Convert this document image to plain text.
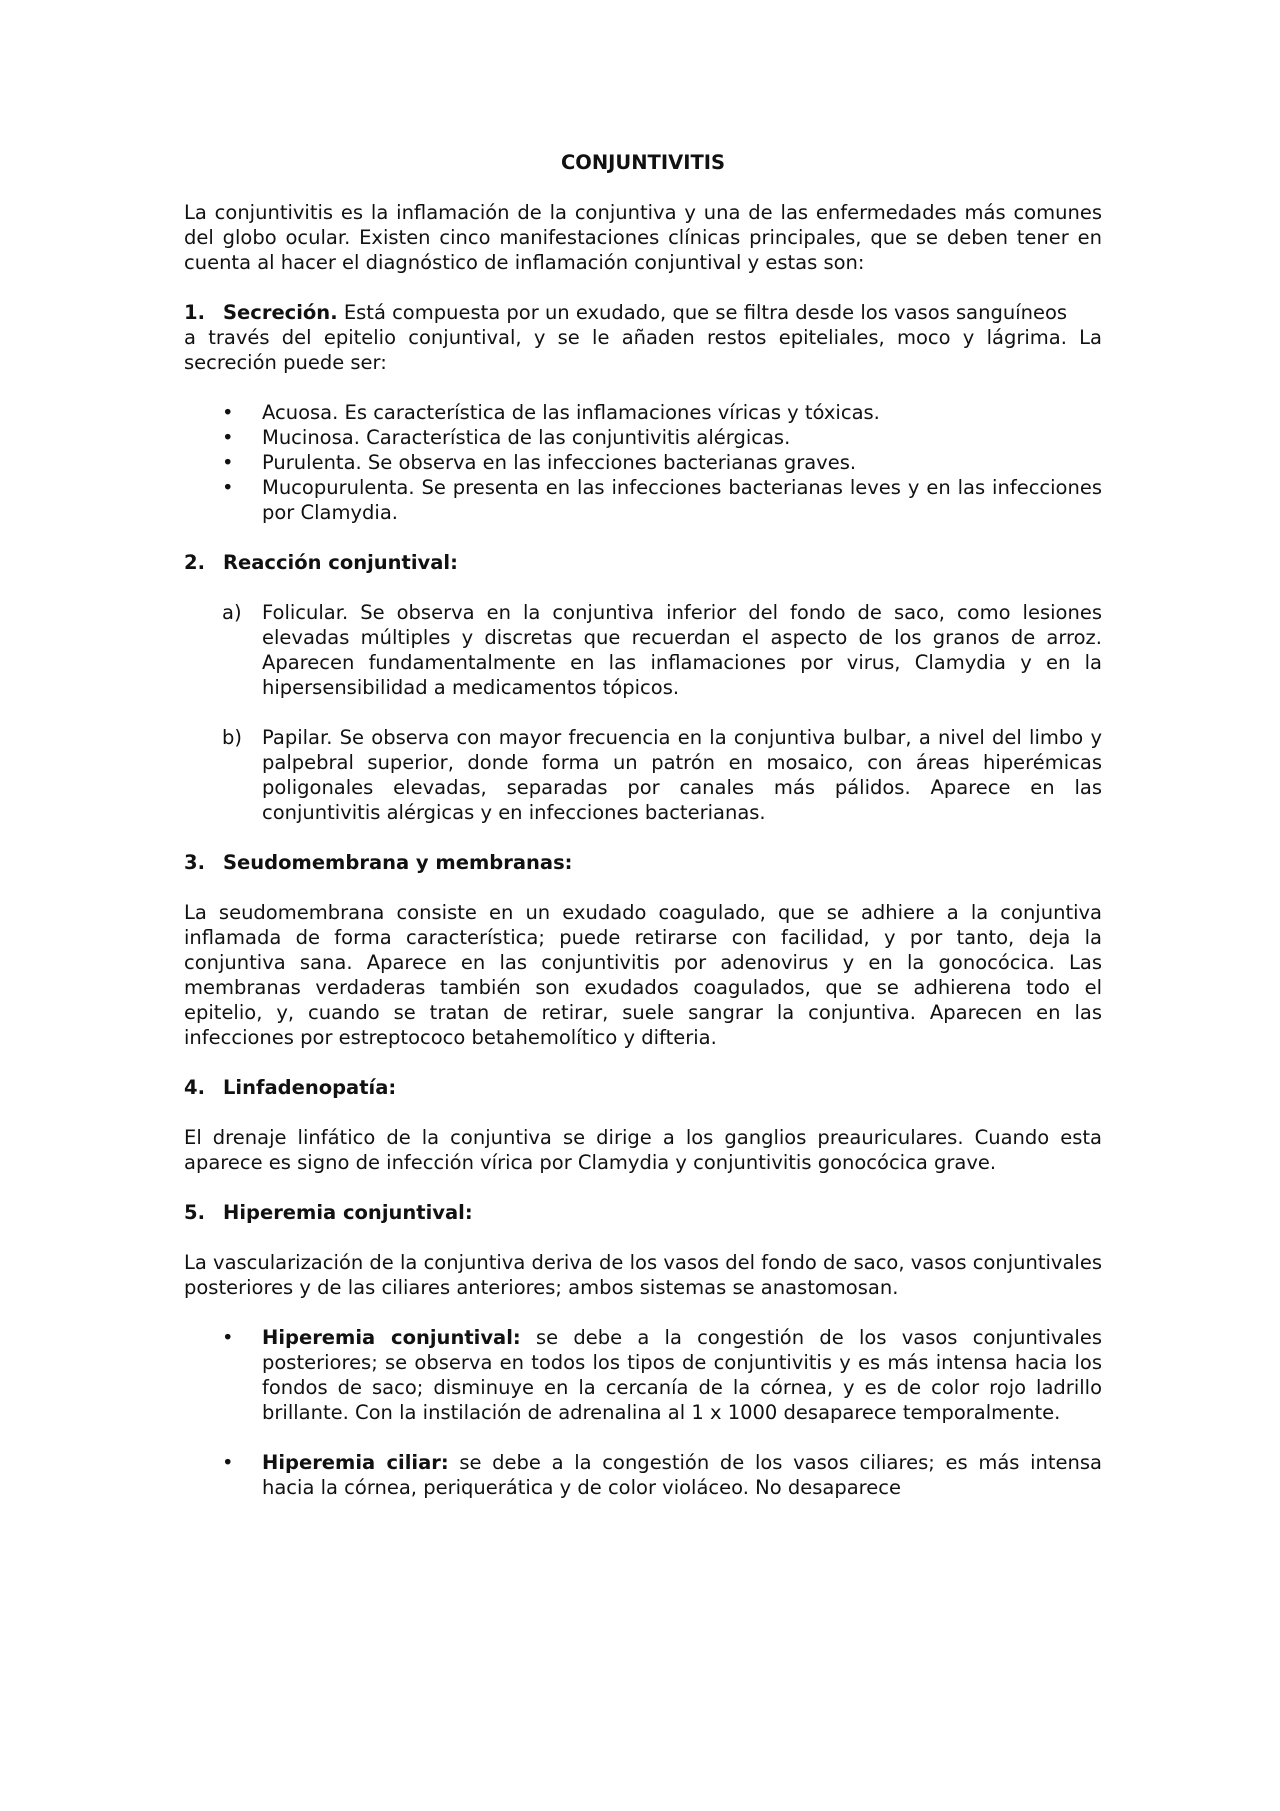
CONJUNTIVITIS

La conjuntivitis es la inflamación de la conjuntiva y una de las enfermedades más comunes del globo ocular. Existen cinco manifestaciones clínicas principales, que se deben tener en cuenta al hacer el diagnóstico de inflamación conjuntival y estas son:

1. Secreción. Está compuesta por un exudado, que se filtra desde los vasos sanguíneos

a través del epitelio conjuntival, y se le añaden restos epiteliales, moco y lágrima. La secreción puede ser:

•	Acuosa. Es característica de las inflamaciones víricas y tóxicas.
•	Mucinosa. Característica de las conjuntivitis alérgicas.
•	Purulenta. Se observa en las infecciones bacterianas graves.
•	Mucopurulenta. Se presenta en las infecciones bacterianas leves y en las infecciones por Clamydia.
2. Reacción conjuntival:
a)	Folicular. Se observa en la conjuntiva inferior del fondo de saco, como lesiones elevadas múltiples y discretas que recuerdan el aspecto de los granos de arroz. Aparecen fundamentalmente en las inflamaciones por virus, Clamydia y en la hipersensibilidad a medicamentos tópicos.
b)	Papilar. Se observa con mayor frecuencia en la conjuntiva bulbar, a nivel del limbo y palpebral superior, donde forma un patrón en mosaico, con áreas hiperémicas poligonales elevadas, separadas por canales más pálidos. Aparece en las conjuntivitis alérgicas y en infecciones bacterianas.
3. Seudomembrana y membranas:

La seudomembrana consiste en un exudado coagulado, que se adhiere a la conjuntiva inflamada de forma característica; puede retirarse con facilidad, y por tanto, deja la conjuntiva sana. Aparece en las conjuntivitis por adenovirus y en la gonocócica. Las membranas verdaderas también son exudados coagulados, que se adhierena todo el epitelio, y, cuando se tratan de retirar, suele sangrar la conjuntiva. Aparecen en las infecciones por estreptococo betahemolítico y difteria.

4. Linfadenopatía:

El drenaje linfático de la conjuntiva se dirige a los ganglios preauriculares. Cuando esta aparece es signo de infección vírica por Clamydia y conjuntivitis gonocócica grave.

5. Hiperemia conjuntival:

La vascularización de la conjuntiva deriva de los vasos del fondo de saco, vasos conjuntivales posteriores y de las ciliares anteriores; ambos sistemas se anastomosan.

•	Hiperemia conjuntival: se debe a la congestión de los vasos conjuntivales posteriores; se observa en todos los tipos de conjuntivitis y es más intensa hacia los fondos de saco; disminuye en la cercanía de la córnea, y es de color rojo ladrillo brillante. Con la instilación de adrenalina al 1 x 1000 desaparece temporalmente.
•	Hiperemia ciliar: se debe a la congestión de los vasos ciliares; es más intensa hacia la córnea, periquerática y de color violáceo. No desaparece
